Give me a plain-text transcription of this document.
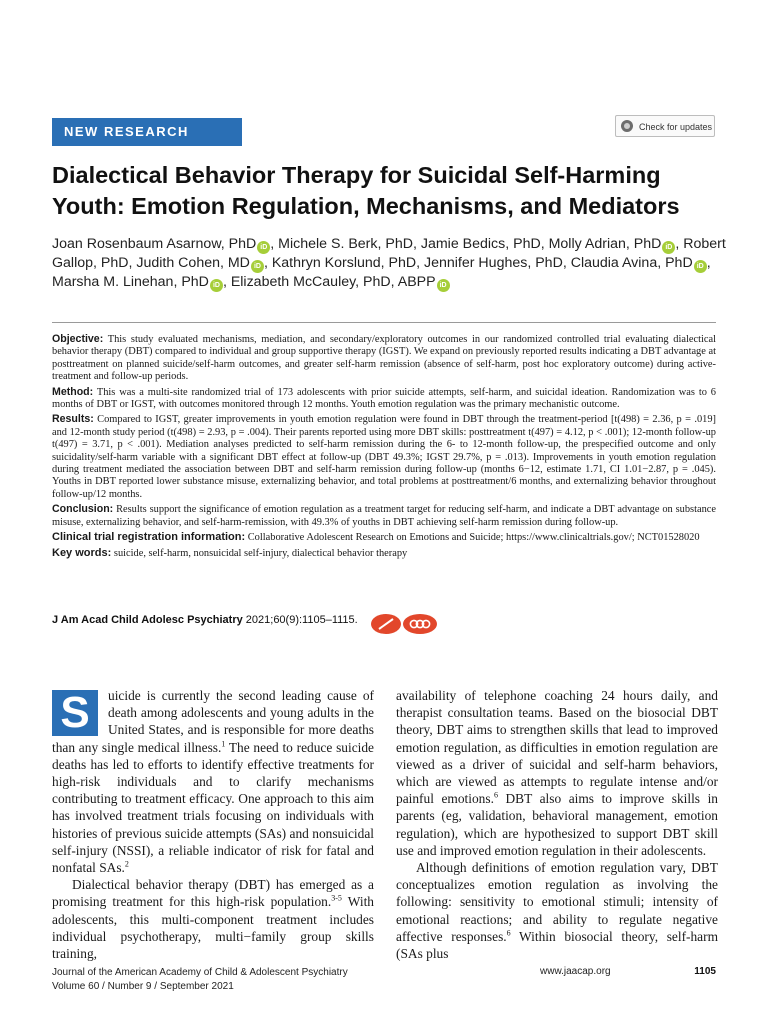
NEW RESEARCH	Check for updates
Dialectical Behavior Therapy for Suicidal Self-Harming Youth: Emotion Regulation, Mechanisms, and Mediators
Joan Rosenbaum Asarnow, PhD iD , Michele S. Berk, PhD, Jamie Bedics, PhD, Molly Adrian, PhD iD , Robert Gallop, PhD, Judith Cohen, MD iD , Kathryn Korslund, PhD, Jennifer Hughes, PhD, Claudia Avina, PhD iD , Marsha M. Linehan, PhD iD , Elizabeth McCauley, PhD, ABPP iD

Objective: This study evaluated mechanisms, mediation, and secondary/exploratory outcomes in our randomized controlled trial evaluating dialectical behavior therapy (DBT) compared to individual and group supportive therapy (IGST). We expand on previously reported results indicating a DBT advantage at posttreatment on planned suicide/self-harm outcomes, and greater self-harm remission (absence of self-harm, post hoc exploratory outcome) during active-treatment and follow-up periods.

Method: This was a multi-site randomized trial of 173 adolescents with prior suicide attempts, self-harm, and suicidal ideation. Randomization was to 6 months of DBT or IGST, with outcomes monitored through 12 months. Youth emotion regulation was the primary mechanistic outcome.

Results: Compared to IGST, greater improvements in youth emotion regulation were found in DBT through the treatment-period [t(498) = 2.36, p = .019] and 12-month study period (t(498) = 2.93, p = .004). Their parents reported using more DBT skills: posttreatment t(497) = 4.12, p < .001); 12-month follow-up t(497) = 3.71, p < .001). Mediation analyses predicted to self-harm remission during the 6- to 12-month follow-up, the prespecified outcome and only suicidality/self-harm variable with a significant DBT effect at follow-up (DBT 49.3%; IGST 29.7%, p = .013). Improvements in youth emotion regulation during treatment mediated the association between DBT and self-harm remission during follow-up (months 6−12, estimate 1.71, CI 1.01−2.87, p = .045). Youths in DBT reported lower substance misuse, externalizing behavior, and total problems at posttreatment/6 months, and externalizing behavior throughout follow-up/12 months.

Conclusion: Results support the significance of emotion regulation as a treatment target for reducing self-harm, and indicate a DBT advantage on substance misuse, externalizing behavior, and self-harm-remission, with 49.3% of youths in DBT achieving self-harm remission during follow-up.

Clinical trial registration information: Collaborative Adolescent Research on Emotions and Suicide; https://www.clinicaltrials.gov/; NCT01528020

Key words: suicide, self-harm, nonsuicidal self-injury, dialectical behavior therapy

J Am Acad Child Adolesc Psychiatry 2021;60(9):1105–1115.

S	uicide is currently the second leading cause of death among adolescents and young adults in the United States, and is responsible for more deaths than any single medical illness.$^1$ The need to reduce suicide deaths has led to efforts to identify effective treatments for high-risk individuals and to clarify mechanisms contributing to treatment efficacy. One approach to this aim has involved treatment trials focusing on individuals with histories of previous suicide attempts (SAs) and nonsuicidal self-injury (NSSI), a reliable indicator of risk for fatal and nonfatal SAs.$^2$

Dialectical behavior therapy (DBT) has emerged as a promising treatment for this high-risk population.$^{3-5}$ With adolescents, this multi-component treatment includes individual psychotherapy, multi−family group skills training,

availability of telephone coaching 24 hours daily, and therapist consultation teams. Based on the biosocial DBT theory, DBT aims to strengthen skills that lead to improved emotion regulation, as difficulties in emotion regulation are viewed as a driver of suicidal and self-harm behaviors, which are viewed as attempts to regulate intense and/or painful emotions.$^6$ DBT also aims to improve skills in parents (eg, validation, behavioral management, emotion regulation), which are hypothesized to support DBT skill use and improved emotion regulation in their adolescents.

Although definitions of emotion regulation vary, DBT conceptualizes emotion regulation as involving the following: sensitivity to emotional stimuli; intensity of emotional reactions; and ability to regulate negative affective responses.$^6$ Within biosocial theory, self-harm (SAs plus

Journal of the American Academy of Child & Adolescent Psychiatry
Volume 60 / Number 9 / September 2021
www.jaacap.org	1105
